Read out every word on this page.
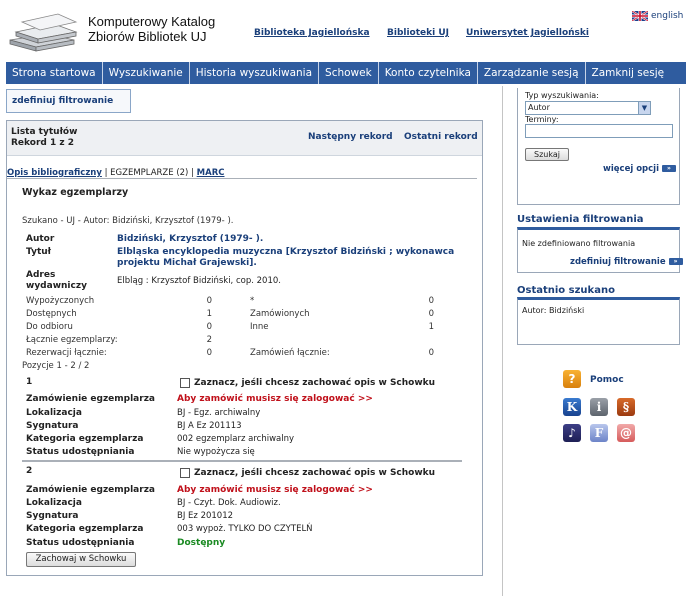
Komputerowy Katalog
Zbiorów Bibliotek UJ	Biblioteka Jagiellońska Biblioteki UJ Uniwersytet Jagielloński
english
Strona startowa	Wyszukiwanie	Historia wyszukiwania	Schowek	Konto czytelnika	Zarządzanie sesją	Zamknij sesję
zdefiniuj filtrowanie
Lista tytułów
Rekord 1 z 2
Następny rekord Ostatni rekord
Opis bibliograficzny | EGZEMPLARZE (2) | MARC
Wykaz egzemplarzy
Szukano - UJ - Autor: Bidziński, Krzysztof (1979- ).
Autor	Bidziński, Krzysztof (1979- ).
Tytuł	Elbląska encyklopedia muzyczna [Krzysztof Bidziński ; wykonawca
projektu Michał Grajewski].
Adres
wydawniczy	Elbląg : Krzysztof Bidziński, cop. 2010.
Wypożyczonych	0	*	0
Dostępnych	1	Zamówionych	0
Do odbioru	0	Inne	1
Łącznie egzemplarzy:	2
Rezerwacji łącznie:	0	Zamówień łącznie:	0
Pozycje 1 - 2 / 2
1	Zaznacz, jeśli chcesz zachować opis w Schowku
Zamówienie egzemplarza Aby zamówić musisz się zalogować >>
Lokalizacja	BJ - Egz. archiwalny
Sygnatura	BJ A Ez 201113
Kategoria egzemplarza	002 egzemplarz archiwalny
Status udostępniania	Nie wypożycza się
2	Zaznacz, jeśli chcesz zachować opis w Schowku
Zamówienie egzemplarza Aby zamówić musisz się zalogować >>
Lokalizacja	BJ - Czyt. Dok. Audiowiz.
Sygnatura	BJ Ez 201012
Kategoria egzemplarza	003 wypoż. TYLKO DO CZYTELŃ
Status udostępniania	Dostępny
Zachowaj w Schowku
Typ wyszukiwania:
Autor	▼
Terminy:
Szukaj
więcej opcji »
Ustawienia filtrowania
Nie zdefiniowano filtrowania
zdefiniuj filtrowanie »
Ostatnio szukano
Autor: Bidziński
?	Pomoc
K	i	§
♪	F	@
